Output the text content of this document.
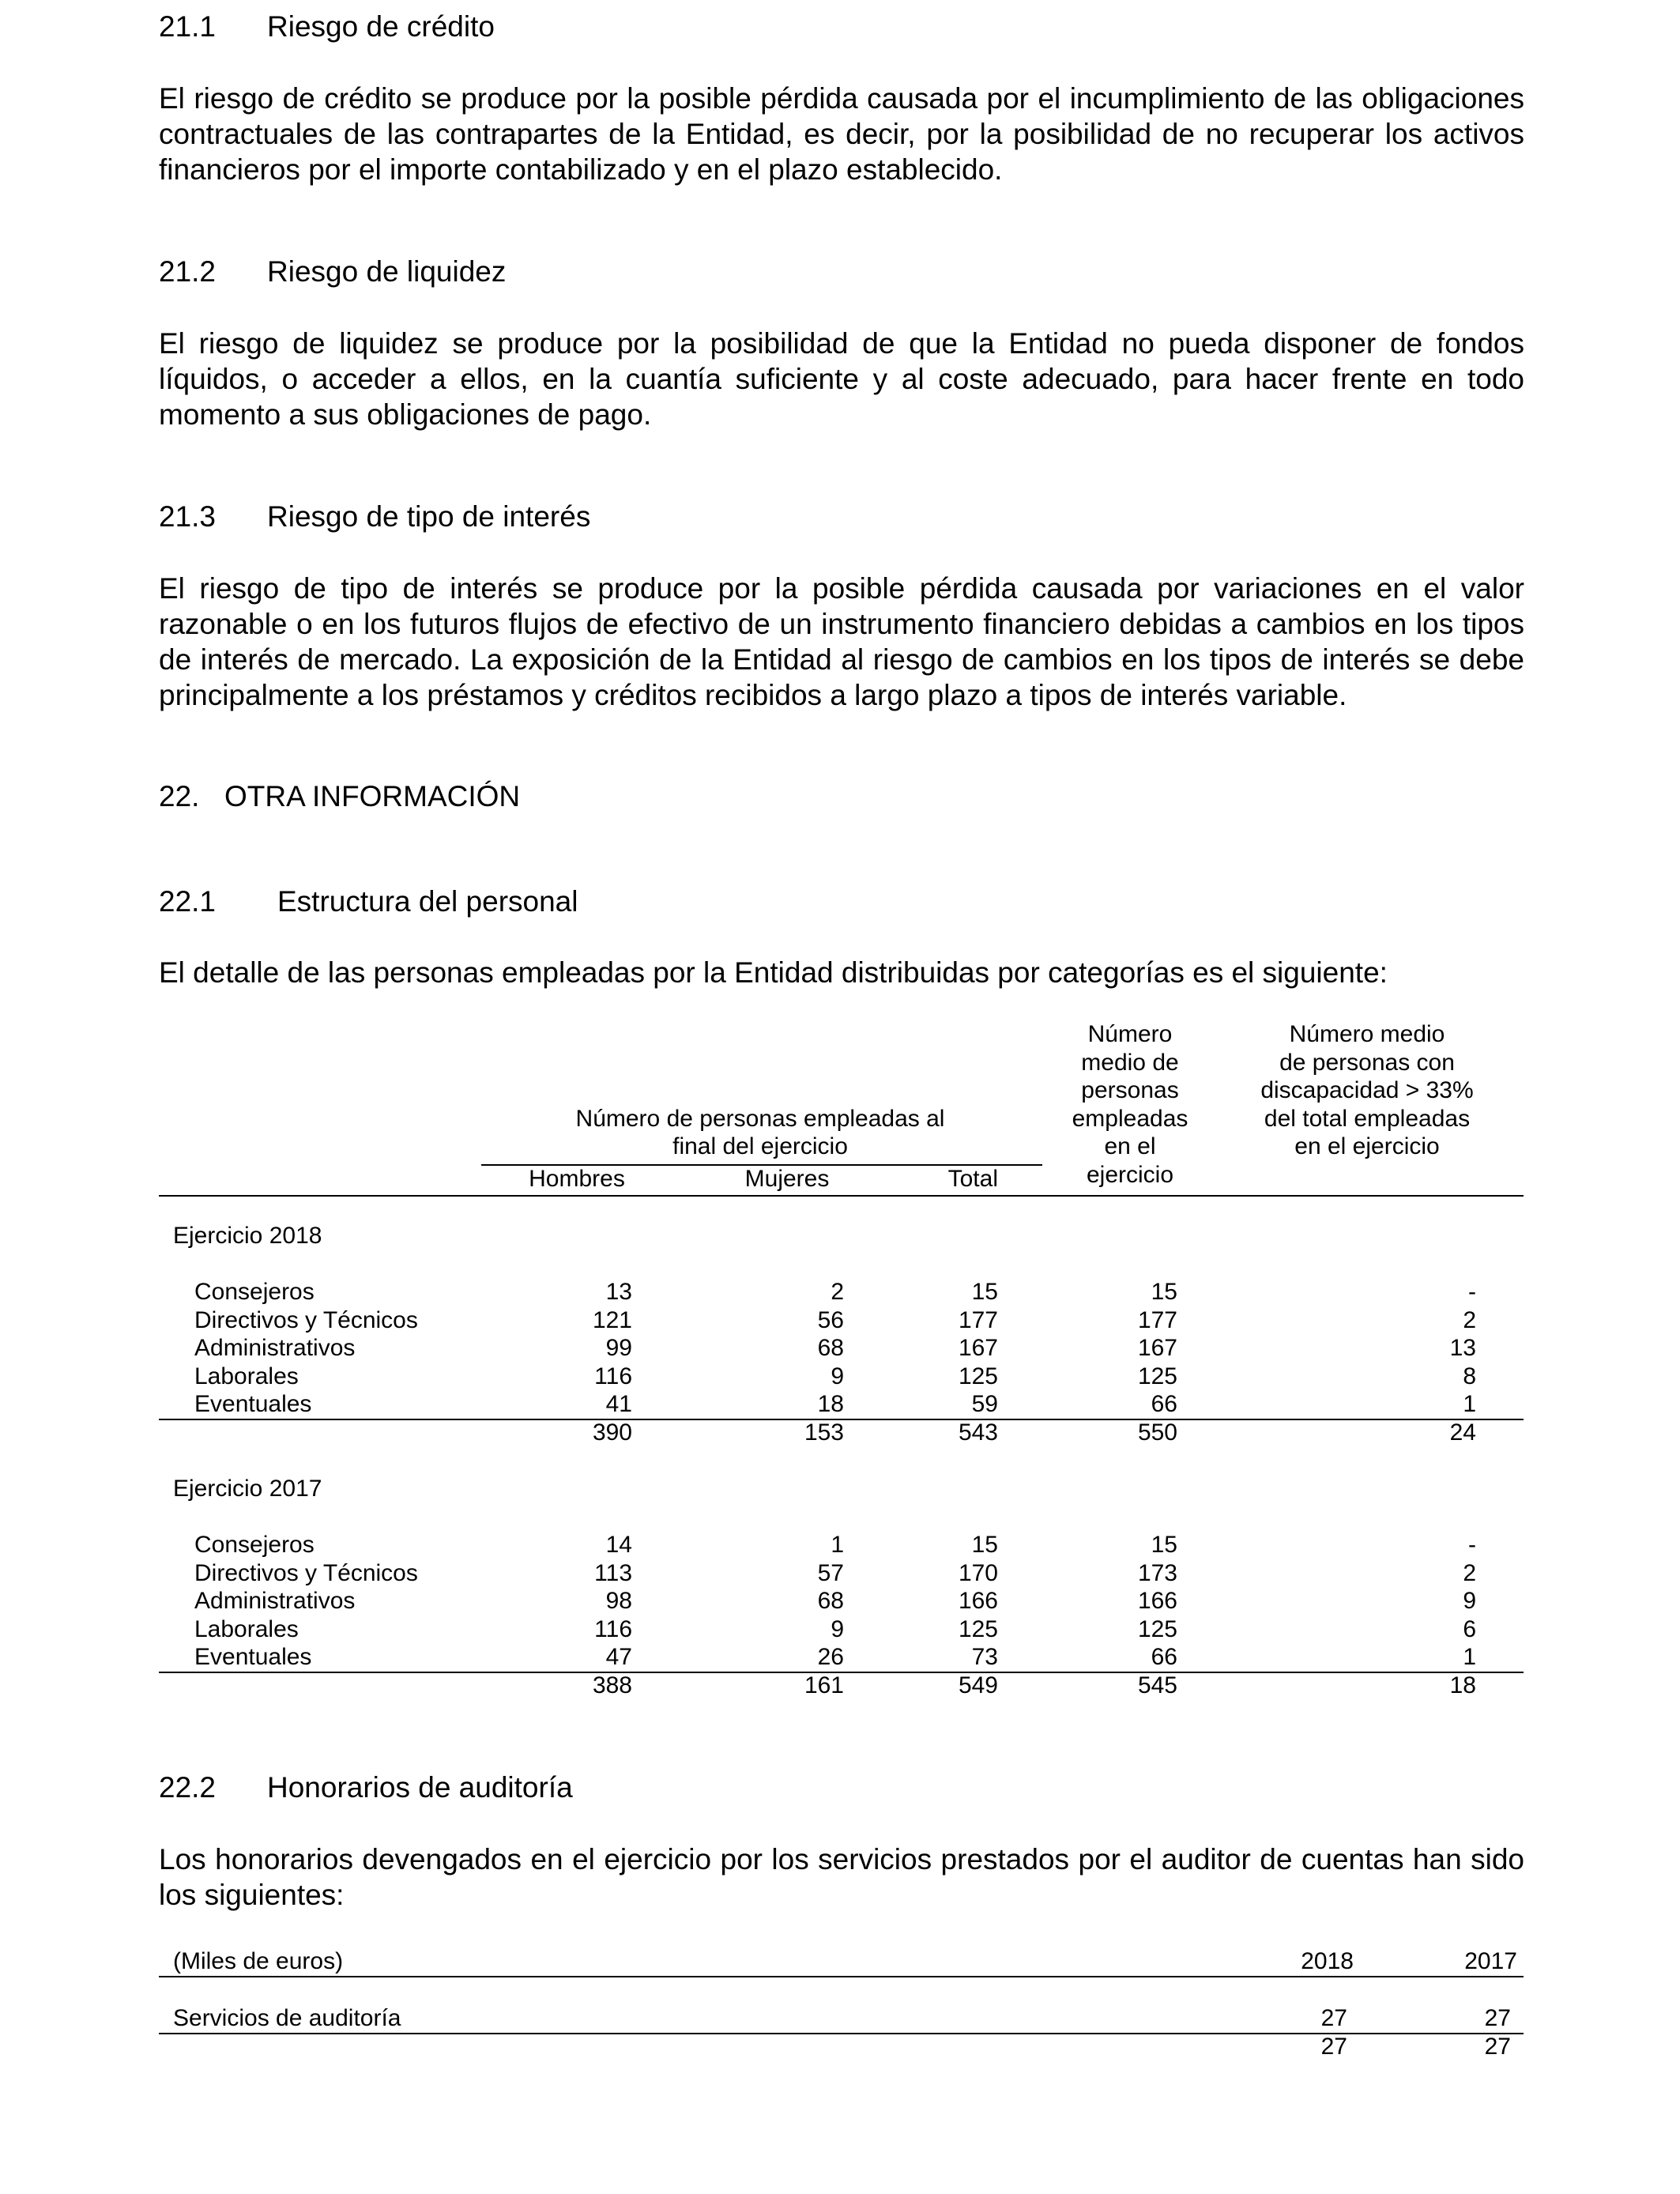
21.1 Riesgo de crédito
El riesgo de crédito se produce por la posible pérdida causada por el incumplimiento de las obligaciones contractuales de las contrapartes de la Entidad, es decir, por la posibilidad de no recuperar los activos financieros por el importe contabilizado y en el plazo establecido.
21.2 Riesgo de liquidez
El riesgo de liquidez se produce por la posibilidad de que la Entidad no pueda disponer de fondos líquidos, o acceder a ellos, en la cuantía suficiente y al coste adecuado, para hacer frente en todo momento a sus obligaciones de pago.
21.3 Riesgo de tipo de interés
El riesgo de tipo de interés se produce por la posible pérdida causada por variaciones en el valor razonable o en los futuros flujos de efectivo de un instrumento financiero debidas a cambios en los tipos de interés de mercado. La exposición de la Entidad al riesgo de cambios en los tipos de interés se debe principalmente a los préstamos y créditos recibidos a largo plazo a tipos de interés variable.
22. OTRA INFORMACIÓN
22.1 Estructura del personal
El detalle de las personas empleadas por la Entidad distribuidas por categorías es el siguiente:
Número de personas empleadas al
final del ejercicio
Hombres	Mujeres	Total
Número
medio de
personas
empleadas
en el
ejercicio
Número medio
de personas con
discapacidad > 33%
del total empleadas
en el ejercicio
Ejercicio 2018
Consejeros	13	2	15	15	-
Directivos y Técnicos	121	56	177	177	2
Administrativos	99	68	167	167	13
Laborales	116	9	125	125	8
Eventuales	41	18	59	66	1
390	153	543	550	24
Ejercicio 2017
Consejeros	14	1	15	15	-
Directivos y Técnicos	113	57	170	173	2
Administrativos	98	68	166	166	9
Laborales	116	9	125	125	6
Eventuales	47	26	73	66	1
388	161	549	545	18
22.2 Honorarios de auditoría
Los honorarios devengados en el ejercicio por los servicios prestados por el auditor de cuentas han sido los siguientes:
(Miles de euros)	2018	2017
Servicios de auditoría	27	27
27	27
